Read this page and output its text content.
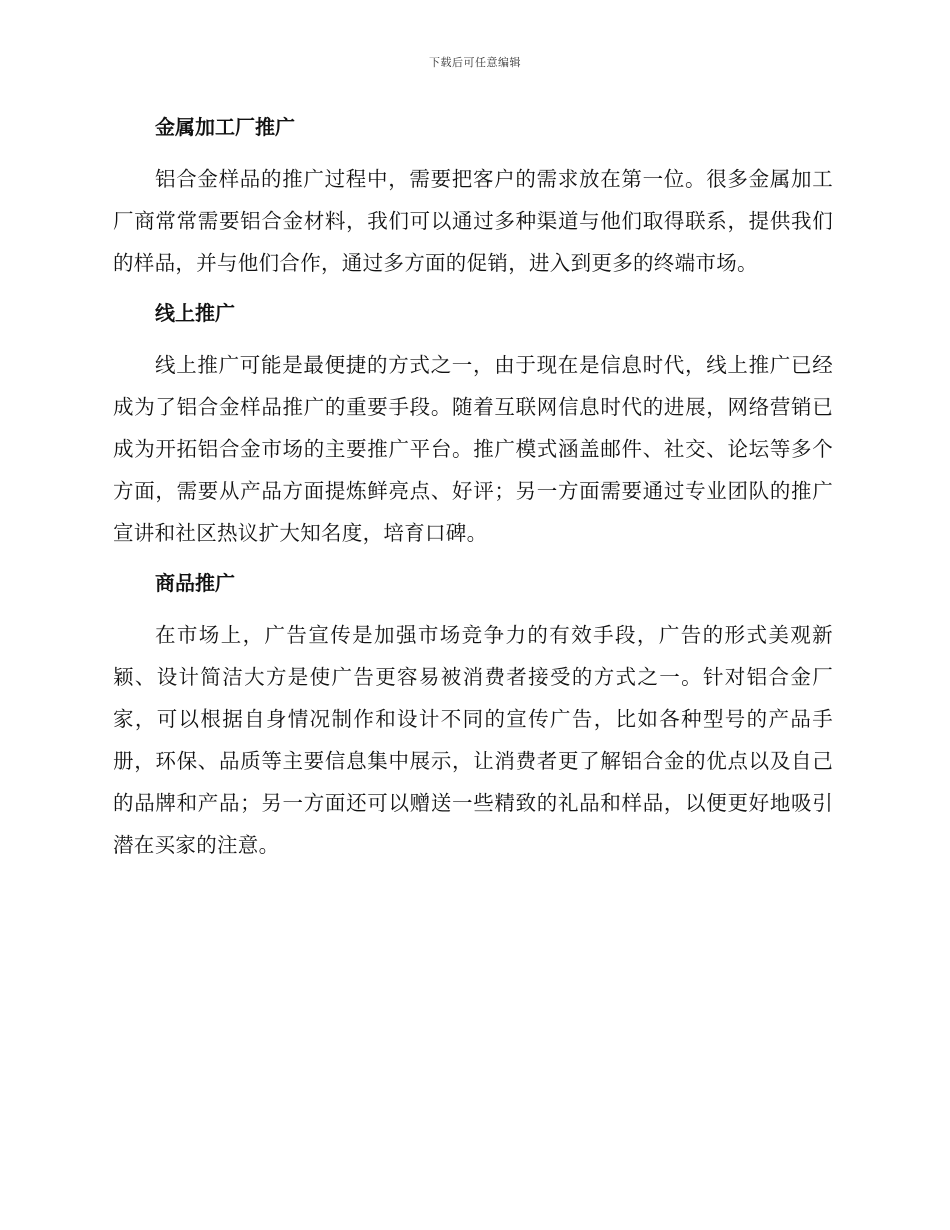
下载后可任意编辑
金属加工厂推广

铝合金样品的推广过程中，需要把客户的需求放在第一位。很多金属加工厂商常常需要铝合金材料，我们可以通过多种渠道与他们取得联系，提供我们的样品，并与他们合作，通过多方面的促销，进入到更多的终端市场。

线上推广

线上推广可能是最便捷的方式之一，由于现在是信息时代，线上推广已经成为了铝合金样品推广的重要手段。随着互联网信息时代的进展，网络营销已成为开拓铝合金市场的主要推广平台。推广模式涵盖邮件、社交、论坛等多个方面，需要从产品方面提炼鲜亮点、好评；另一方面需要通过专业团队的推广宣讲和社区热议扩大知名度，培育口碑。

商品推广

在市场上，广告宣传是加强市场竞争力的有效手段，广告的形式美观新颖、设计简洁大方是使广告更容易被消费者接受的方式之一。针对铝合金厂家，可以根据自身情况制作和设计不同的宣传广告，比如各种型号的产品手册，环保、品质等主要信息集中展示，让消费者更了解铝合金的优点以及自己的品牌和产品；另一方面还可以赠送一些精致的礼品和样品，以便更好地吸引潜在买家的注意。
